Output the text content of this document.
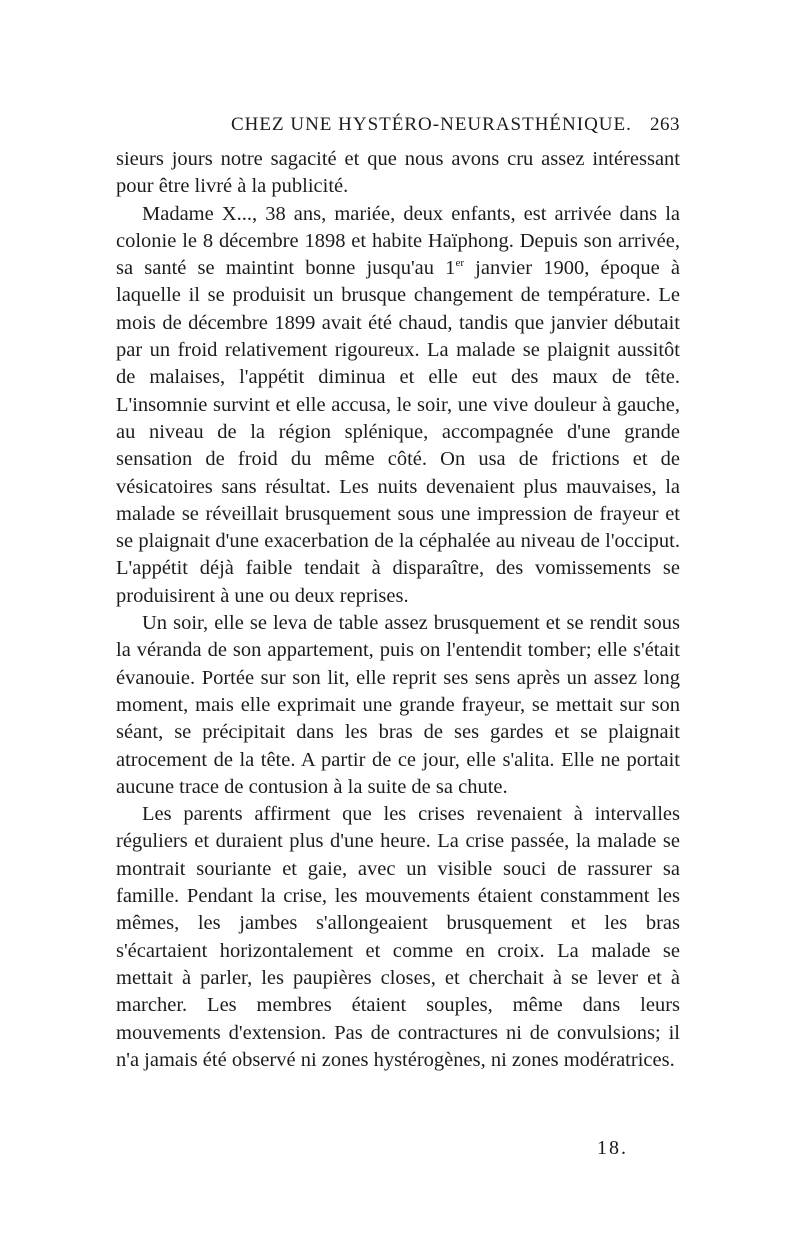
CHEZ UNE HYSTÉRO-NEURASTHÉNIQUE. 263

sieurs jours notre sagacité et que nous avons cru assez intéressant pour être livré à la publicité.

Madame X..., 38 ans, mariée, deux enfants, est arrivée dans la colonie le 8 décembre 1898 et habite Haïphong. Depuis son arrivée, sa santé se maintint bonne jusqu'au 1er janvier 1900, époque à laquelle il se produisit un brusque changement de température. Le mois de décembre 1899 avait été chaud, tandis que janvier débutait par un froid relativement rigoureux. La malade se plaignit aussitôt de malaises, l'appétit diminua et elle eut des maux de tête. L'insomnie survint et elle accusa, le soir, une vive douleur à gauche, au niveau de la région splénique, accompagnée d'une grande sensation de froid du même côté. On usa de frictions et de vésicatoires sans résultat. Les nuits devenaient plus mauvaises, la malade se réveillait brusquement sous une impression de frayeur et se plaignait d'une exacerbation de la céphalée au niveau de l'occiput. L'appétit déjà faible tendait à disparaître, des vomissements se produisirent à une ou deux reprises.

Un soir, elle se leva de table assez brusquement et se rendit sous la véranda de son appartement, puis on l'entendit tomber; elle s'était évanouie. Portée sur son lit, elle reprit ses sens après un assez long moment, mais elle exprimait une grande frayeur, se mettait sur son séant, se précipitait dans les bras de ses gardes et se plaignait atrocement de la tête. A partir de ce jour, elle s'alita. Elle ne portait aucune trace de contusion à la suite de sa chute.

Les parents affirment que les crises revenaient à intervalles réguliers et duraient plus d'une heure. La crise passée, la malade se montrait souriante et gaie, avec un visible souci de rassurer sa famille. Pendant la crise, les mouvements étaient constamment les mêmes, les jambes s'allongeaient brusquement et les bras s'écartaient horizontalement et comme en croix. La malade se mettait à parler, les paupières closes, et cherchait à se lever et à marcher. Les membres étaient souples, même dans leurs mouvements d'extension. Pas de contractures ni de convulsions; il n'a jamais été observé ni zones hystérogènes, ni zones modératrices.

18.
